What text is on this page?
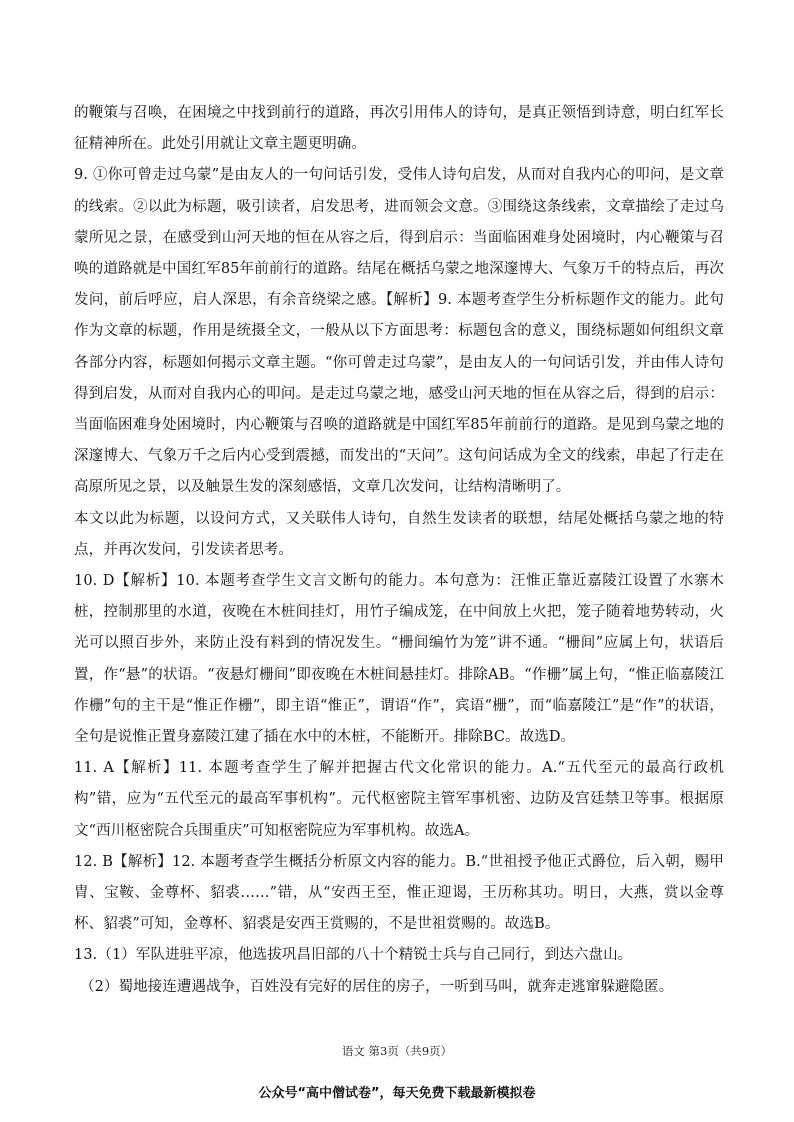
的鞭策与召唤，在困境之中找到前行的道路，再次引用伟人的诗句，是真正领悟到诗意，明白红军长征精神所在。此处引用就让文章主题更明确。

9. ①你可曾走过乌蒙”是由友人的一句问话引发，受伟人诗句启发，从而对自我内心的叩问，是文章的线索。②以此为标题，吸引读者，启发思考，进而领会文意。③围绕这条线索，文章描绘了走过乌蒙所见之景，在感受到山河天地的恒在从容之后，得到启示：当面临困难身处困境时，内心鞭策与召唤的道路就是中国红军85年前前行的道路。结尾在概括乌蒙之地深邃博大、气象万千的特点后，再次发问，前后呼应，启人深思，有余音绕梁之感。【解析】9. 本题考查学生分析标题作文的能力。此句作为文章的标题，作用是统摄全文，一般从以下方面思考：标题包含的意义，围绕标题如何组织文章各部分内容，标题如何揭示文章主题。“你可曾走过乌蒙”，是由友人的一句问话引发，并由伟人诗句得到启发，从而对自我内心的叩问。是走过乌蒙之地，感受山河天地的恒在从容之后，得到的启示：当面临困难身处困境时，内心鞭策与召唤的道路就是中国红军85年前前行的道路。是见到乌蒙之地的深邃博大、气象万千之后内心受到震撼，而发出的“天问”。这句问话成为全文的线索，串起了行走在高原所见之景，以及触景生发的深刻感悟，文章几次发问，让结构清晰明了。

本文以此为标题，以设问方式，又关联伟人诗句，自然生发读者的联想，结尾处概括乌蒙之地的特点，并再次发问，引发读者思考。

10. D【解析】10. 本题考查学生文言文断句的能力。本句意为：汪惟正靠近嘉陵江设置了水寨木桩，控制那里的水道，夜晚在木桩间挂灯，用竹子编成笼，在中间放上火把，笼子随着地势转动，火光可以照百步外，来防止没有料到的情况发生。“栅间编竹为笼”讲不通。“栅间”应属上句，状语后置，作“悬”的状语。“夜悬灯栅间”即夜晚在木桩间悬挂灯。排除AB。“作栅”属上句，“惟正临嘉陵江作栅”句的主干是“惟正作栅”，即主语“惟正”，谓语“作”，宾语“栅”，而“临嘉陵江”是“作”的状语，全句是说惟正置身嘉陵江建了插在水中的木桩，不能断开。排除BC。故选D。

11. A【解析】11. 本题考查学生了解并把握古代文化常识的能力。A.“五代至元的最高行政机构”错，应为“五代至元的最高军事机构”。元代枢密院主管军事机密、边防及宫廷禁卫等事。根据原文“西川枢密院合兵围重庆”可知枢密院应为军事机构。故选A。

12. B【解析】12. 本题考查学生概括分析原文内容的能力。B.“世祖授予他正式爵位，后入朝，赐甲胄、宝鞍、金尊杯、貂裘……”错，从“安西王至，惟正迎谒，王历称其功。明日，大燕，赏以金尊杯、貂裘”可知，金尊杯、貂裘是安西王赏赐的，不是世祖赏赐的。故选B。

13.（1）军队进驻平凉，他选拔巩昌旧部的八十个精锐士兵与自己同行，到达六盘山。

（2）蜀地接连遭遇战争，百姓没有完好的居住的房子，一听到马叫，就奔走逃窜躲避隐匿。

语文 第3页（共9页）
公众号“高中僧试卷”，每天免费下载最新模拟卷
